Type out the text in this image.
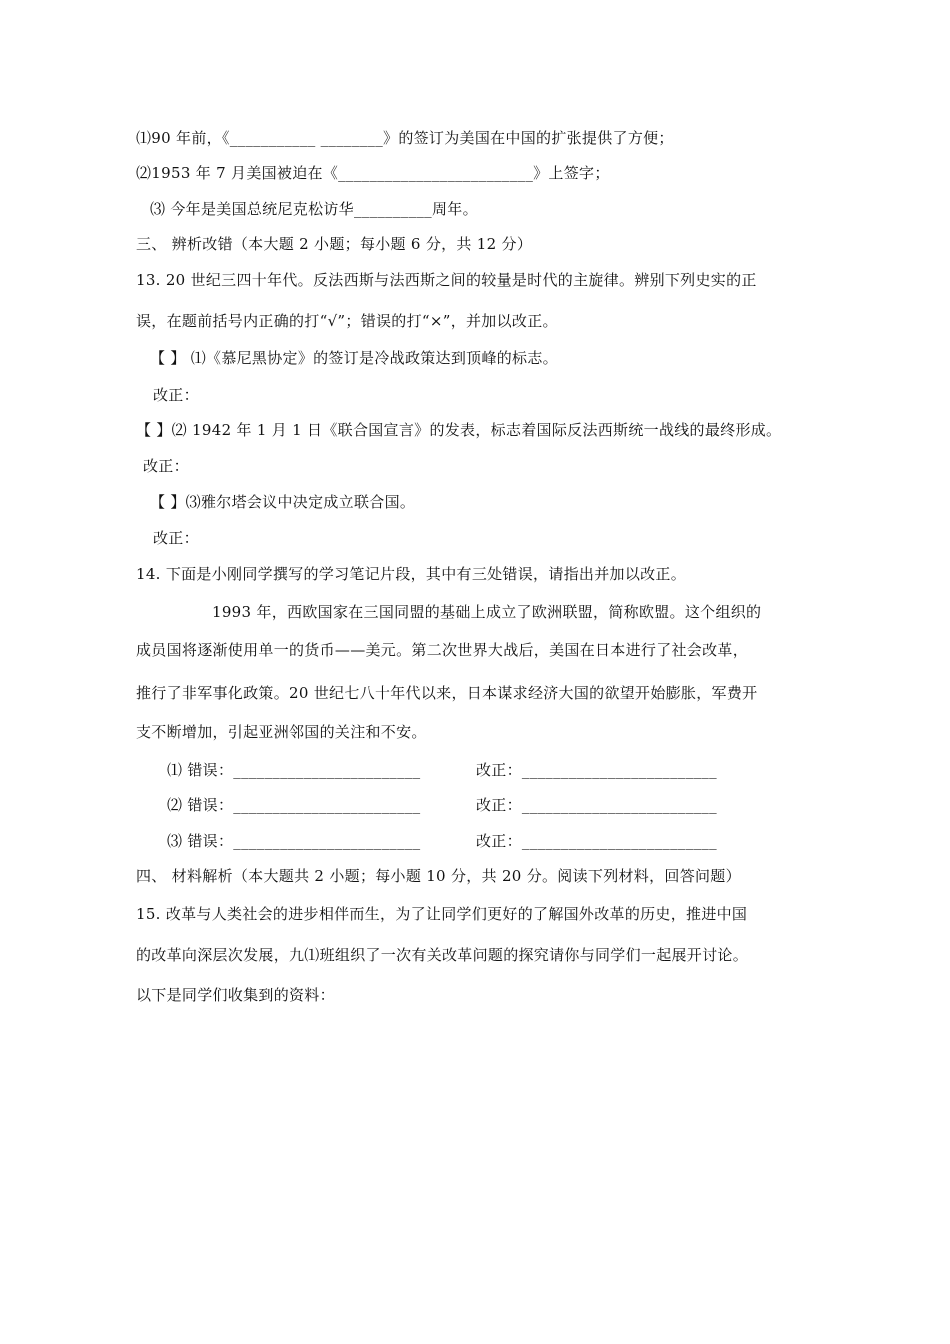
⑴90 年前，《___________ ________》的签订为美国在中国的扩张提供了方便；
⑵1953 年 7 月美国被迫在《_________________________》上签字；
⑶ 今年是美国总统尼克松访华__________周年。
三、 辨析改错（本大题 2 小题；每小题 6 分，共 12 分）
13. 20 世纪三四十年代。反法西斯与法西斯之间的较量是时代的主旋律。辨别下列史实的正
误，在题前括号内正确的打“√”；错误的打“×”，并加以改正。
【 】 ⑴《慕尼黑协定》的签订是冷战政策达到顶峰的标志。
改正：
【 】⑵ 1942 年 1 月 1 日《联合国宣言》的发表，标志着国际反法西斯统一战线的最终形成。
改正：
【 】⑶雅尔塔会议中决定成立联合国。
改正：
14. 下面是小刚同学撰写的学习笔记片段，其中有三处错误，请指出并加以改正。
1993 年，西欧国家在三国同盟的基础上成立了欧洲联盟，简称欧盟。这个组织的
成员国将逐渐使用单一的货币——美元。第二次世界大战后，美国在日本进行了社会改革，
推行了非军事化政策。20 世纪七八十年代以来，日本谋求经济大国的欲望开始膨胀，军费开
支不断增加，引起亚洲邻国的关注和不安。
⑴ 错误：________________________	改正：_________________________
⑵ 错误：________________________	改正：_________________________
⑶ 错误：________________________	改正：_________________________
四、 材料解析（本大题共 2 小题；每小题 10 分，共 20 分。阅读下列材料，回答问题）
15. 改革与人类社会的进步相伴而生，为了让同学们更好的了解国外改革的历史，推进中国
的改革向深层次发展，九⑴班组织了一次有关改革问题的探究请你与同学们一起展开讨论。
以下是同学们收集到的资料：
